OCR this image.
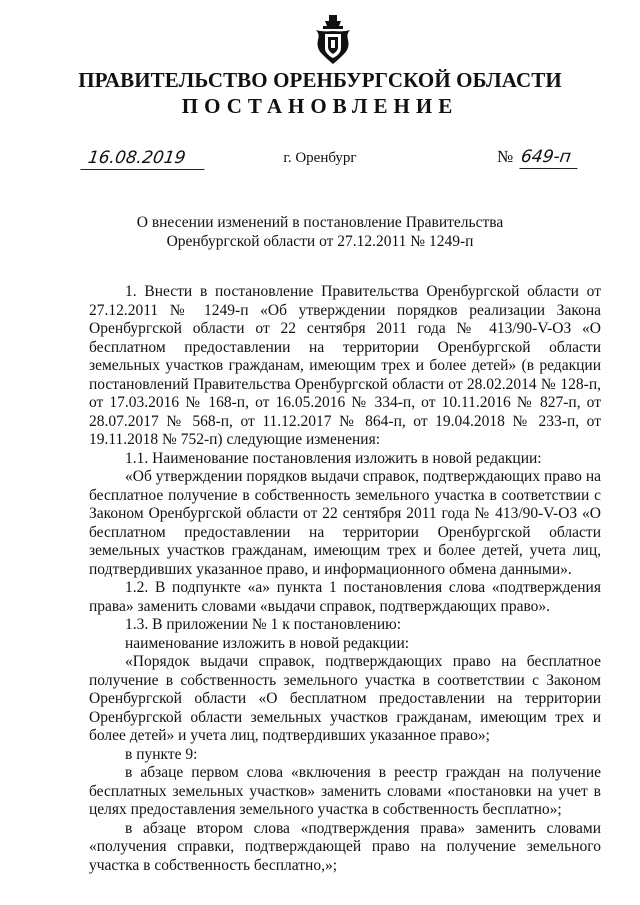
ПРАВИТЕЛЬСТВО ОРЕНБУРГСКОЙ ОБЛАСТИ
ПОСТАНОВЛЕНИЕ
16.08.2019	г. Оренбург	№ 649-п
О внесении изменений в постановление Правительства
Оренбургской области от 27.12.2011 № 1249-п

1. Внести в постановление Правительства Оренбургской области от 27.12.2011 № 1249-п «Об утверждении порядков реализации Закона Оренбургской области от 22 сентября 2011 года № 413/90-V-ОЗ «О бесплатном предоставлении на территории Оренбургской области земельных участков гражданам, имеющим трех и более детей» (в редакции постановлений Правительства Оренбургской области от 28.02.2014 № 128-п, от 17.03.2016 № 168-п, от 16.05.2016 № 334-п, от 10.11.2016 № 827-п, от 28.07.2017 № 568-п, от 11.12.2017 № 864-п, от 19.04.2018 № 233-п, от 19.11.2018 № 752-п) следующие изменения:

1.1. Наименование постановления изложить в новой редакции:

«Об утверждении порядков выдачи справок, подтверждающих право на бесплатное получение в собственность земельного участка в соответствии с Законом Оренбургской области от 22 сентября 2011 года № 413/90-V-ОЗ «О бесплатном предоставлении на территории Оренбургской области земельных участков гражданам, имеющим трех и более детей, учета лиц, подтвердивших указанное право, и информационного обмена данными».

1.2. В подпункте «а» пункта 1 постановления слова «подтверждения права» заменить словами «выдачи справок, подтверждающих право».

1.3. В приложении № 1 к постановлению:

наименование изложить в новой редакции:

«Порядок выдачи справок, подтверждающих право на бесплатное получение в собственность земельного участка в соответствии с Законом Оренбургской области «О бесплатном предоставлении на территории Оренбургской области земельных участков гражданам, имеющим трех и более детей» и учета лиц, подтвердивших указанное право»;

в пункте 9:

в абзаце первом слова «включения в реестр граждан на получение бесплатных земельных участков» заменить словами «постановки на учет в целях предоставления земельного участка в собственность бесплатно»;

в абзаце втором слова «подтверждения права» заменить словами «получения справки, подтверждающей право на получение земельного участка в собственность бесплатно,»;
